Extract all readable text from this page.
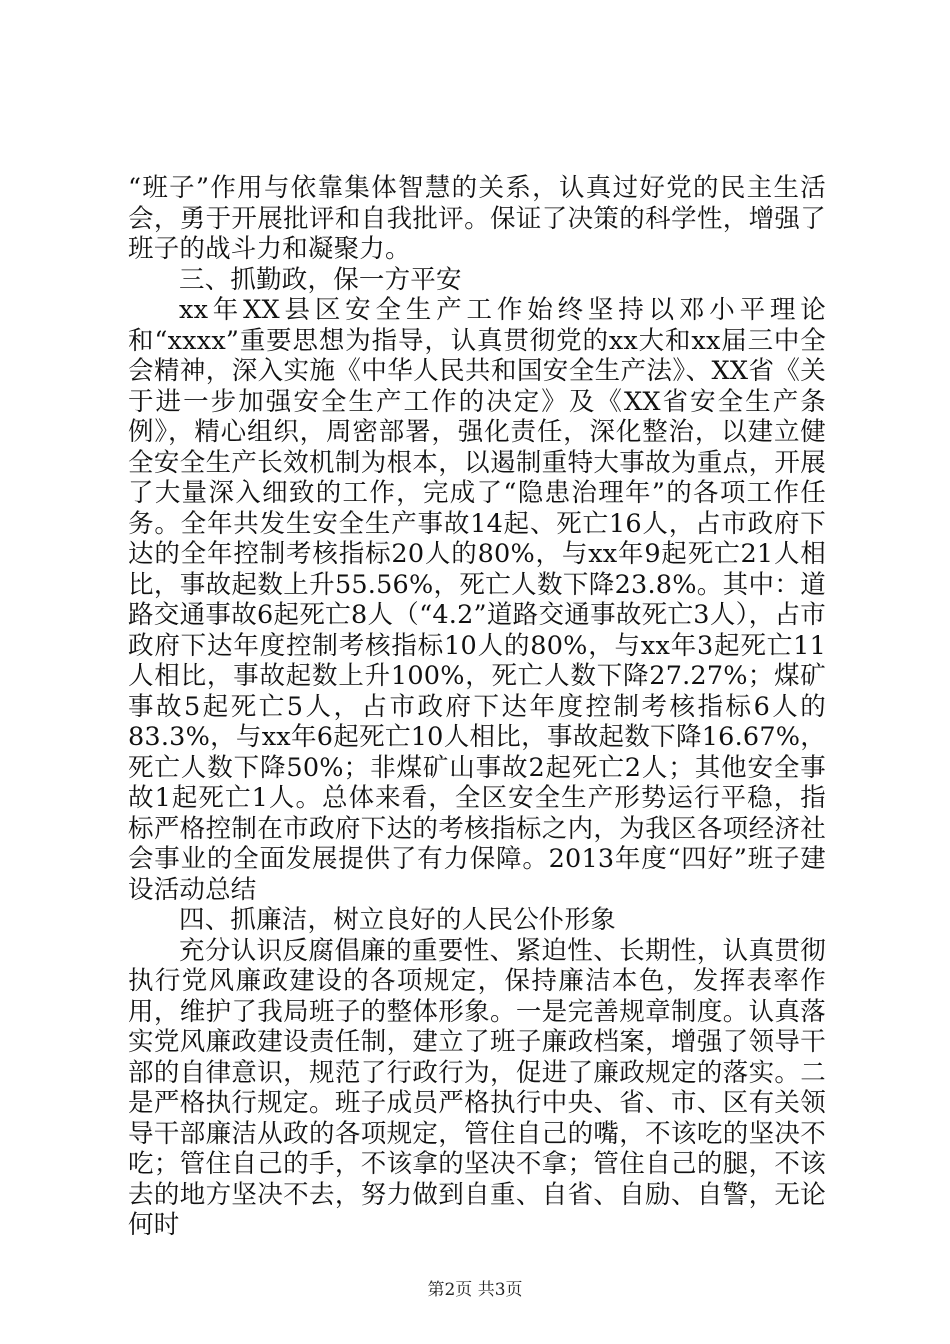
“班子”作用与依靠集体智慧的关系，认真过好党的民主生活会，勇于开展批评和自我批评。保证了决策的科学性，增强了班子的战斗力和凝聚力。

三、抓勤政，保一方平安

xx年XX县区安全生产工作始终坚持以邓小平理论和“xxxx”重要思想为指导，认真贯彻党的xx大和xx届三中全会精神，深入实施《中华人民共和国安全生产法》、XX省《关于进一步加强安全生产工作的决定》及《XX省安全生产条例》，精心组织，周密部署，强化责任，深化整治，以建立健全安全生产长效机制为根本，以遏制重特大事故为重点，开展了大量深入细致的工作，完成了“隐患治理年”的各项工作任务。全年共发生安全生产事故14起、死亡16人，占市政府下达的全年控制考核指标20人的80%，与xx年9起死亡21人相比，事故起数上升55.56%，死亡人数下降23.8%。其中：道路交通事故6起死亡8人（“4.2”道路交通事故死亡3人），占市政府下达年度控制考核指标10人的80%，与xx年3起死亡11人相比，事故起数上升100%，死亡人数下降27.27%；煤矿事故5起死亡5人，占市政府下达年度控制考核指标6人的83.3%，与xx年6起死亡10人相比，事故起数下降16.67%，死亡人数下降50%；非煤矿山事故2起死亡2人；其他安全事故1起死亡1人。总体来看，全区安全生产形势运行平稳，指标严格控制在市政府下达的考核指标之内，为我区各项经济社会事业的全面发展提供了有力保障。2013年度“四好”班子建设活动总结

四、抓廉洁，树立良好的人民公仆形象

充分认识反腐倡廉的重要性、紧迫性、长期性，认真贯彻执行党风廉政建设的各项规定，保持廉洁本色，发挥表率作用，维护了我局班子的整体形象。一是完善规章制度。认真落实党风廉政建设责任制，建立了班子廉政档案，增强了领导干部的自律意识，规范了行政行为，促进了廉政规定的落实。二是严格执行规定。班子成员严格执行中央、省、市、区有关领导干部廉洁从政的各项规定，管住自己的嘴，不该吃的坚决不吃；管住自己的手，不该拿的坚决不拿；管住自己的腿，不该去的地方坚决不去，努力做到自重、自省、自励、自警，无论何时

第2页 共3页
